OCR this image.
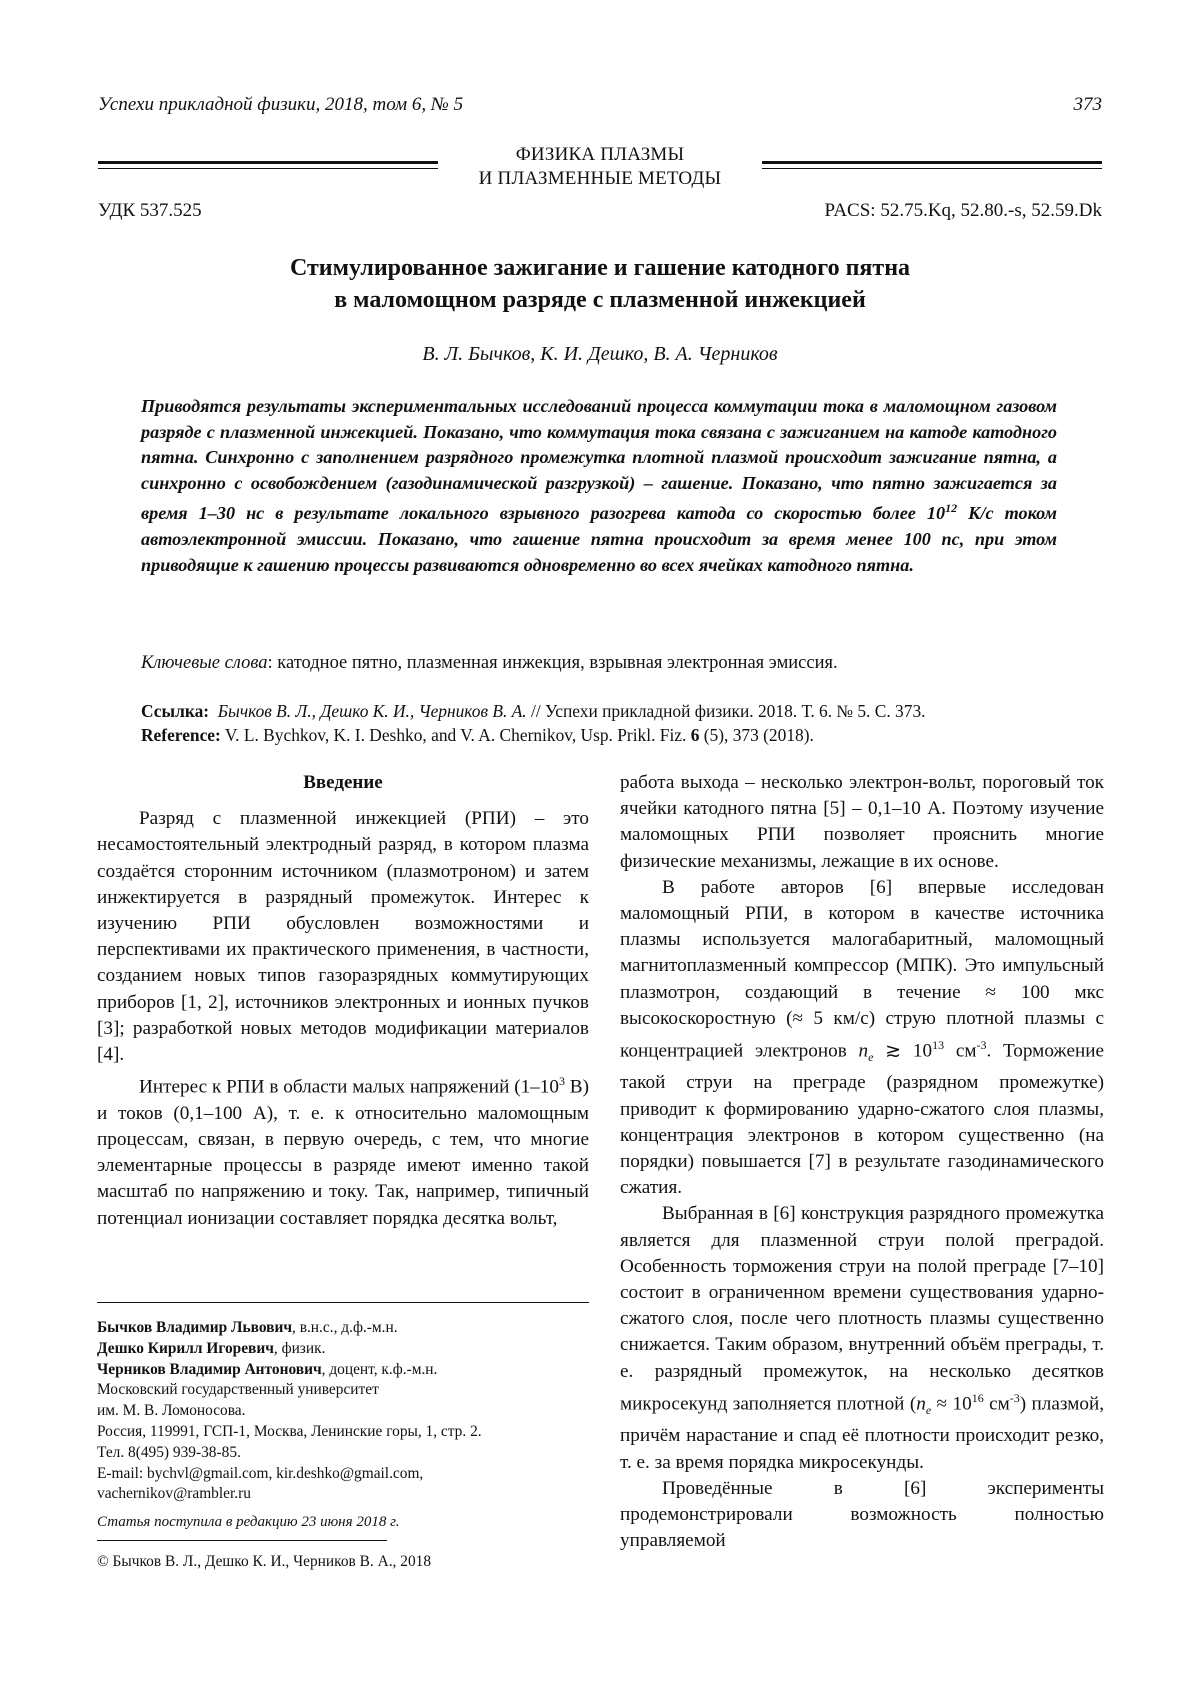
Успехи прикладной физики, 2018, том 6, № 5	373
ФИЗИКА ПЛАЗМЫ
И ПЛАЗМЕННЫЕ МЕТОДЫ
УДК 537.525	PACS: 52.75.Kq, 52.80.-s, 52.59.Dk
Стимулированное зажигание и гашение катодного пятна
в маломощном разряде с плазменной инжекцией
В. Л. Бычков, К. И. Дешко, В. А. Черников
Приводятся результаты экспериментальных исследований процесса коммутации тока в маломощном газовом разряде с плазменной инжекцией. Показано, что коммутация тока связана с зажиганием на катоде катодного пятна. Синхронно с заполнением разрядного промежутка плотной плазмой происходит зажигание пятна, а синхронно с освобождением (газодинамической разгрузкой) – гашение. Показано, что пятно зажигается за время 1–30 нс в результате локального взрывного разогрева катода со скоростью более 1012 К/с током автоэлектронной эмиссии. Показано, что гашение пятна происходит за время менее 100 пс, при этом приводящие к гашению процессы развиваются одновременно во всех ячейках катодного пятна.
Ключевые слова: катодное пятно, плазменная инжекция, взрывная электронная эмиссия.
Ссылка: Бычков В. Л., Дешко К. И., Черников В. А. // Успехи прикладной физики. 2018. Т. 6. № 5. С. 373.
Reference: V. L. Bychkov, K. I. Deshko, and V. A. Chernikov, Usp. Prikl. Fiz. 6 (5), 373 (2018).

Введение

Разряд с плазменной инжекцией (РПИ) – это несамостоятельный электродный разряд, в котором плазма создаётся сторонним источником (плазмотроном) и затем инжектируется в разрядный промежуток. Интерес к изучению РПИ обусловлен возможностями и перспективами их практического применения, в частности, созданием новых типов газоразрядных коммутирующих приборов [1, 2], источников электронных и ионных пучков [3]; разработкой новых методов модификации материалов [4].

Интерес к РПИ в области малых напряжений (1–103 В) и токов (0,1–100 А), т. е. к относительно маломощным процессам, связан, в первую очередь, с тем, что многие элементарные процессы в разряде имеют именно такой масштаб по напряжению и току. Так, например, типичный потенциал ионизации составляет порядка десятка вольт,

Бычков Владимир Львович, в.н.с., д.ф.-м.н.

Дешко Кирилл Игоревич, физик.

Черников Владимир Антонович, доцент, к.ф.-м.н.

Московский государственный университет

им. М. В. Ломоносова.

Россия, 119991, ГСП-1, Москва, Ленинские горы, 1, стр. 2.

Тел. 8(495) 939-38-85.

E-mail: bychvl@gmail.com, kir.deshko@gmail.com,

vachernikov@rambler.ru

Статья поступила в редакцию 23 июня 2018 г.
© Бычков В. Л., Дешко К. И., Черников В. А., 2018

работа выхода – несколько электрон-вольт, пороговый ток ячейки катодного пятна [5] – 0,1–10 А. Поэтому изучение маломощных РПИ позволяет прояснить многие физические механизмы, лежащие в их основе.

В работе авторов [6] впервые исследован маломощный РПИ, в котором в качестве источника плазмы используется малогабаритный, маломощный магнитоплазменный компрессор (МПК). Это импульсный плазмотрон, создающий в течение ≈ 100 мкс высокоскоростную (≈ 5 км/с) струю плотной плазмы с концентрацией электронов ne ≳ 1013 см-3. Торможение такой струи на преграде (разрядном промежутке) приводит к формированию ударно-сжатого слоя плазмы, концентрация электронов в котором существенно (на порядки) повышается [7] в результате газодинамического сжатия.

Выбранная в [6] конструкция разрядного промежутка является для плазменной струи полой преградой. Особенность торможения струи на полой преграде [7–10] состоит в ограниченном времени существования ударно-сжатого слоя, после чего плотность плазмы существенно снижается. Таким образом, внутренний объём преграды, т. е. разрядный промежуток, на несколько десятков микросекунд заполняется плотной (ne ≈ 1016 см-3) плазмой, причём нарастание и спад её плотности происходит резко, т. е. за время порядка микросекунды.

Проведённые в [6] эксперименты продемонстрировали возможность полностью управляемой
